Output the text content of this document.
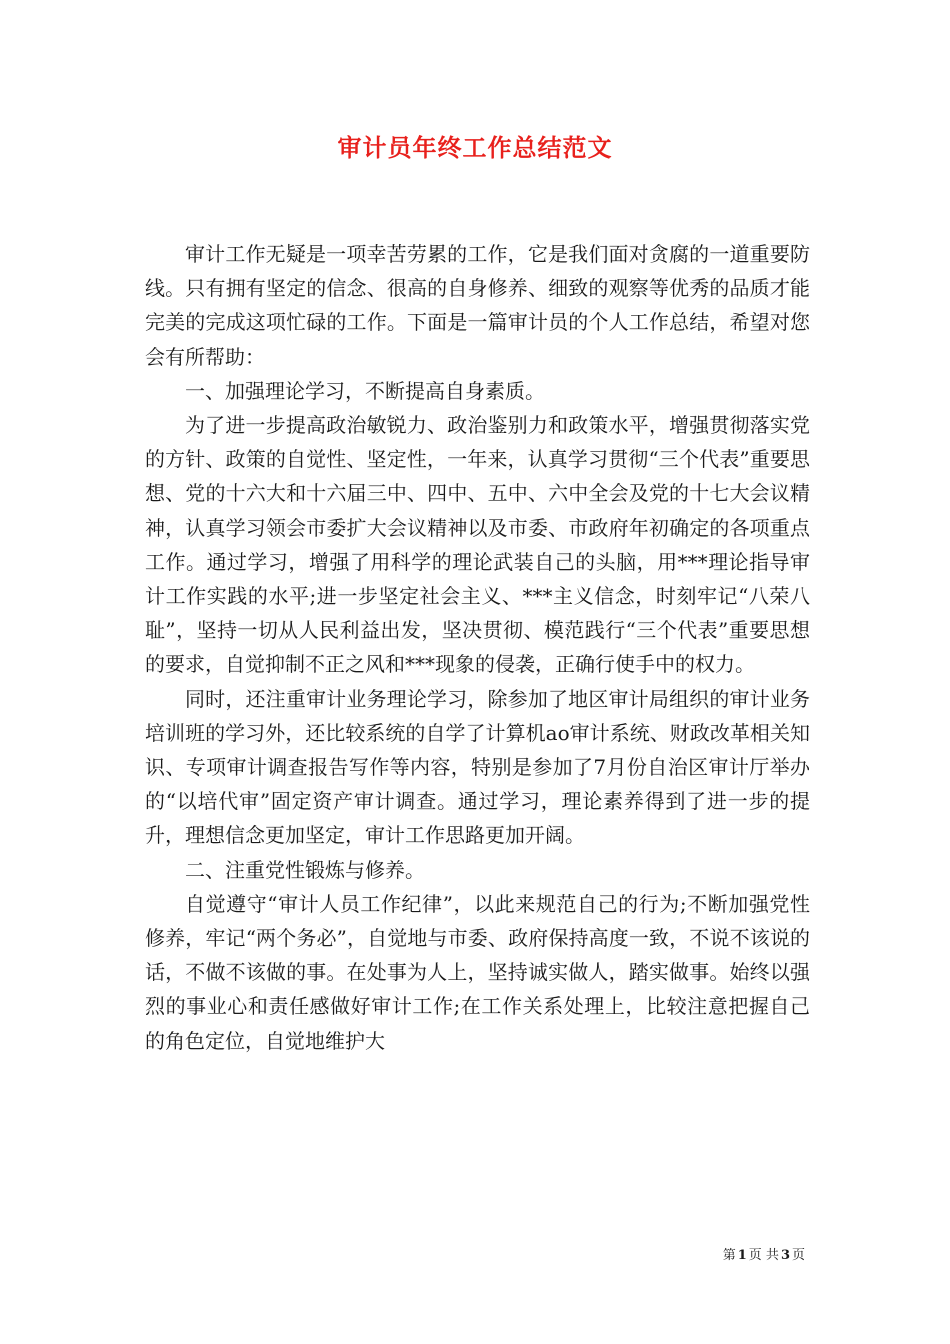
审计员年终工作总结范文

审计工作无疑是一项幸苦劳累的工作，它是我们面对贪腐的一道重要防线。只有拥有坚定的信念、很高的自身修养、细致的观察等优秀的品质才能完美的完成这项忙碌的工作。下面是一篇审计员的个人工作总结，希望对您会有所帮助：

一、加强理论学习，不断提高自身素质。

为了进一步提高政治敏锐力、政治鉴别力和政策水平，增强贯彻落实党的方针、政策的自觉性、坚定性，一年来，认真学习贯彻“三个代表”重要思想、党的十六大和十六届三中、四中、五中、六中全会及党的十七大会议精神，认真学习领会市委扩大会议精神以及市委、市政府年初确定的各项重点工作。通过学习，增强了用科学的理论武装自己的头脑，用***理论指导审计工作实践的水平;进一步坚定社会主义、***主义信念，时刻牢记“八荣八耻”，坚持一切从人民利益出发，坚决贯彻、模范践行“三个代表”重要思想的要求，自觉抑制不正之风和***现象的侵袭，正确行使手中的权力。

同时，还注重审计业务理论学习，除参加了地区审计局组织的审计业务培训班的学习外，还比较系统的自学了计算机ao审计系统、财政改革相关知识、专项审计调查报告写作等内容，特别是参加了7月份自治区审计厅举办的“以培代审”固定资产审计调查。通过学习，理论素养得到了进一步的提升，理想信念更加坚定，审计工作思路更加开阔。

二、注重党性锻炼与修养。

自觉遵守“审计人员工作纪律”，以此来规范自己的行为;不断加强党性修养，牢记“两个务必”，自觉地与市委、政府保持高度一致，不说不该说的话，不做不该做的事。在处事为人上，坚持诚实做人，踏实做事。始终以强烈的事业心和责任感做好审计工作;在工作关系处理上，比较注意把握自己的角色定位，自觉地维护大

第 1 页 共 3 页
